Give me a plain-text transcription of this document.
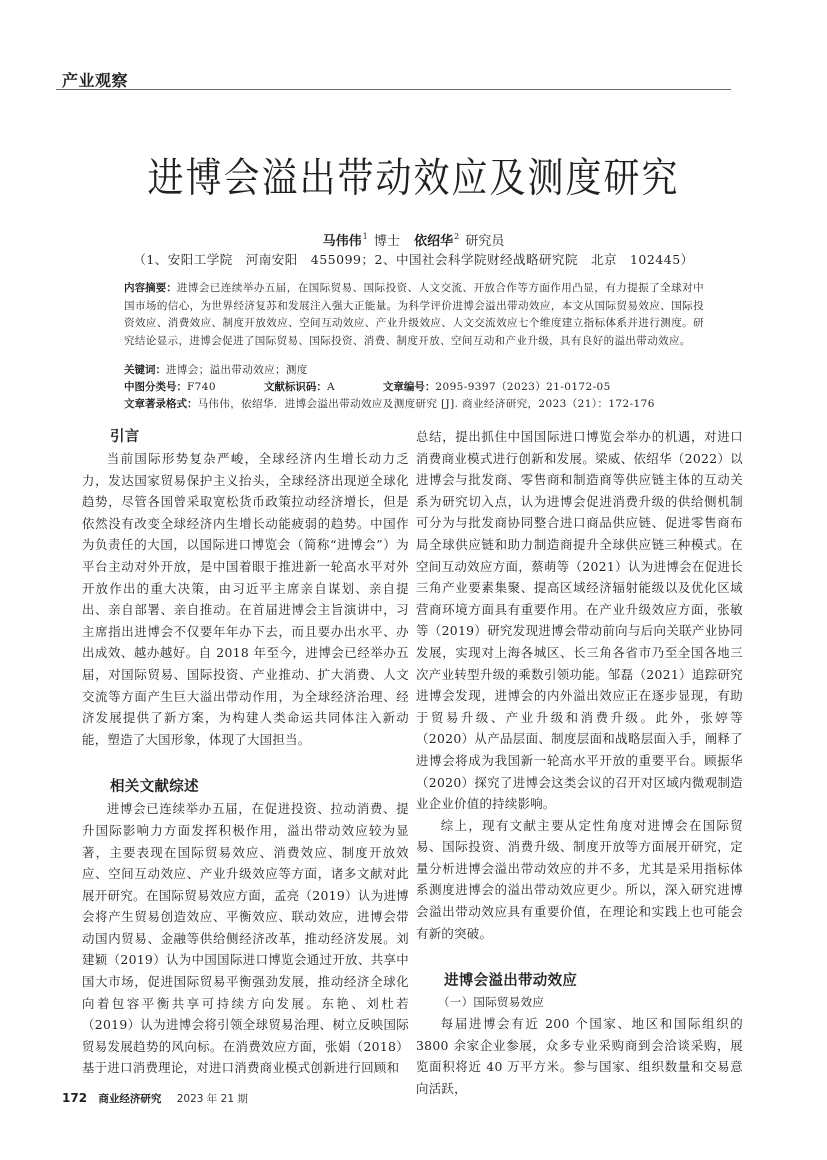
产业观察
进博会溢出带动效应及测度研究
马伟伟$^1$ 博士 依绍华$^2$ 研究员
（1、安阳工学院　河南安阳　455099；2、中国社会科学院财经战略研究院　北京　102445）
内容摘要：进博会已连续举办五届，在国际贸易、国际投资、人文交流、开放合作等方面作用凸显，有力提振了全球对中国市场的信心，为世界经济复苏和发展注入强大正能量。为科学评价进博会溢出带动效应，本文从国际贸易效应、国际投资效应、消费效应、制度开放效应、空间互动效应、产业升级效应、人文交流效应七个维度建立指标体系并进行测度。研究结论显示，进博会促进了国际贸易、国际投资、消费、制度开放、空间互动和产业升级，具有良好的溢出带动效应。
关键词：进博会；溢出带动效应；测度
中图分类号：F740	文献标识码：A	文章编号：2095-9397（2023）21-0172-05
文章著录格式：马伟伟，依绍华．进博会溢出带动效应及测度研究 [J]. 商业经济研究，2023（21）：172-176
引言

当前国际形势复杂严峻，全球经济内生增长动力乏力，发达国家贸易保护主义抬头，全球经济出现逆全球化趋势，尽管各国曾采取宽松货币政策拉动经济增长，但是依然没有改变全球经济内生增长动能疲弱的趋势。中国作为负责任的大国，以国际进口博览会（简称“进博会”）为平台主动对外开放，是中国着眼于推进新一轮高水平对外开放作出的重大决策，由习近平主席亲自谋划、亲自提出、亲自部署、亲自推动。在首届进博会主旨演讲中，习主席指出进博会不仅要年年办下去，而且要办出水平、办出成效、越办越好。自 2018 年至今，进博会已经举办五届，对国际贸易、国际投资、产业推动、扩大消费、人文交流等方面产生巨大溢出带动作用，为全球经济治理、经济发展提供了新方案，为构建人类命运共同体注入新动能，塑造了大国形象，体现了大国担当。

相关文献综述

进博会已连续举办五届，在促进投资、拉动消费、提升国际影响力方面发挥积极作用，溢出带动效应较为显著，主要表现在国际贸易效应、消费效应、制度开放效应、空间互动效应、产业升级效应等方面，诸多文献对此展开研究。在国际贸易效应方面，孟亮（2019）认为进博会将产生贸易创造效应、平衡效应、联动效应，进博会带动国内贸易、金融等供给侧经济改革，推动经济发展。刘建颖（2019）认为中国国际进口博览会通过开放、共享中国大市场，促进国际贸易平衡强劲发展，推动经济全球化向着包容平衡共享可持续方向发展。东艳、刘杜若（2019）认为进博会将引领全球贸易治理、树立反映国际贸易发展趋势的风向标。在消费效应方面，张娟（2018）基于进口消费理论，对进口消费商业模式创新进行回顾和

总结，提出抓住中国国际进口博览会举办的机遇，对进口消费商业模式进行创新和发展。梁威、依绍华（2022）以进博会与批发商、零售商和制造商等供应链主体的互动关系为研究切入点，认为进博会促进消费升级的供给侧机制可分为与批发商协同整合进口商品供应链、促进零售商布局全球供应链和助力制造商提升全球供应链三种模式。在空间互动效应方面，蔡萌等（2021）认为进博会在促进长三角产业要素集聚、提高区域经济辐射能级以及优化区域营商环境方面具有重要作用。在产业升级效应方面，张敏等（2019）研究发现进博会带动前向与后向关联产业协同发展，实现对上海各城区、长三角各省市乃至全国各地三次产业转型升级的乘数引领功能。邹磊（2021）追踪研究进博会发现，进博会的内外溢出效应正在逐步显现，有助于贸易升级、产业升级和消费升级。此外，张婷等（2020）从产品层面、制度层面和战略层面入手，阐释了进博会将成为我国新一轮高水平开放的重要平台。顾振华（2020）探究了进博会这类会议的召开对区域内微观制造业企业价值的持续影响。

综上，现有文献主要从定性角度对进博会在国际贸易、国际投资、消费升级、制度开放等方面展开研究，定量分析进博会溢出带动效应的并不多，尤其是采用指标体系测度进博会的溢出带动效应更少。所以，深入研究进博会溢出带动效应具有重要价值，在理论和实践上也可能会有新的突破。

进博会溢出带动效应
（一）国际贸易效应

每届进博会有近 200 个国家、地区和国际组织的 3800 余家企业参展，众多专业采购商到会洽谈采购，展览面积将近 40 万平方米。参与国家、组织数量和交易意向活跃，

172 商业经济研究 2023 年 21 期
